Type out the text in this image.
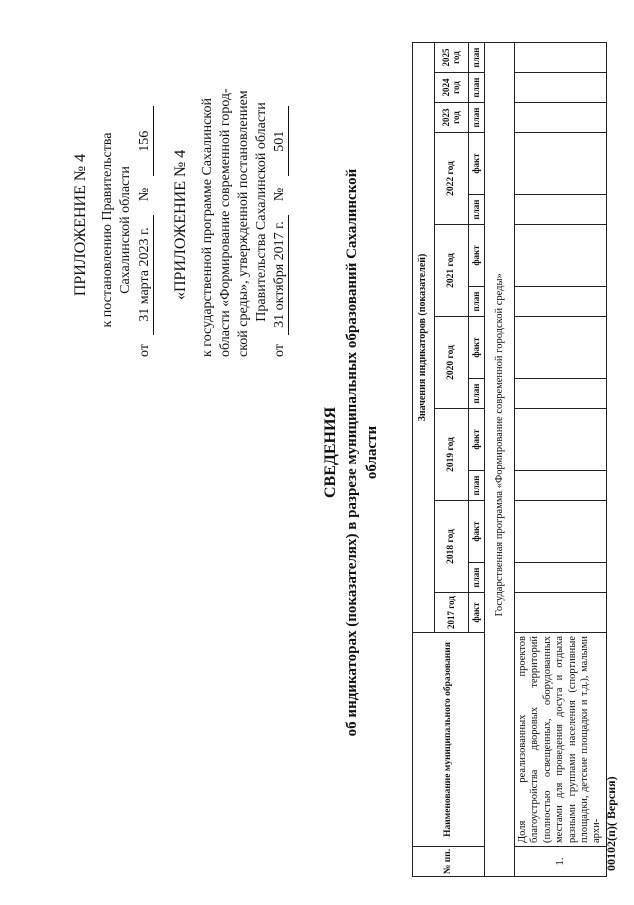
ПРИЛОЖЕНИЕ № 4 к постановлению Правительства Сахалинской области
от 31 марта 2023 г. № 156
«ПРИЛОЖЕНИЕ № 4 к государственной программе Сахалинской области «Формирование современной город- ской среды», утвержденной постановлением Правительства Сахалинской области
от 31 октября 2017 г. № 501
СВЕДЕНИЯ об индикаторах (показателях) в разрезе муниципальных образований Сахалинской области
№ пп.	Наименование муниципального образования	Значения индикаторов (показателей)													
		2017 год	2018 год		2019 год		2020 год		2021 год		2022 год		2023 год	2024 год	2025 год
		факт	план	факт	план	факт	план	факт	план	факт	план	факт	план	план	план
	Государственная программа «Формирование современной городской среды»														
1.	Доля реализованных проектов благоустройства дворовых территорий (полностью освещенных, оборудованных местами для проведения досуга и отдыха разными группами населения (спортивные площадки, детские площадки и т.д.), малыми архи-														00102(п)( Версия)
